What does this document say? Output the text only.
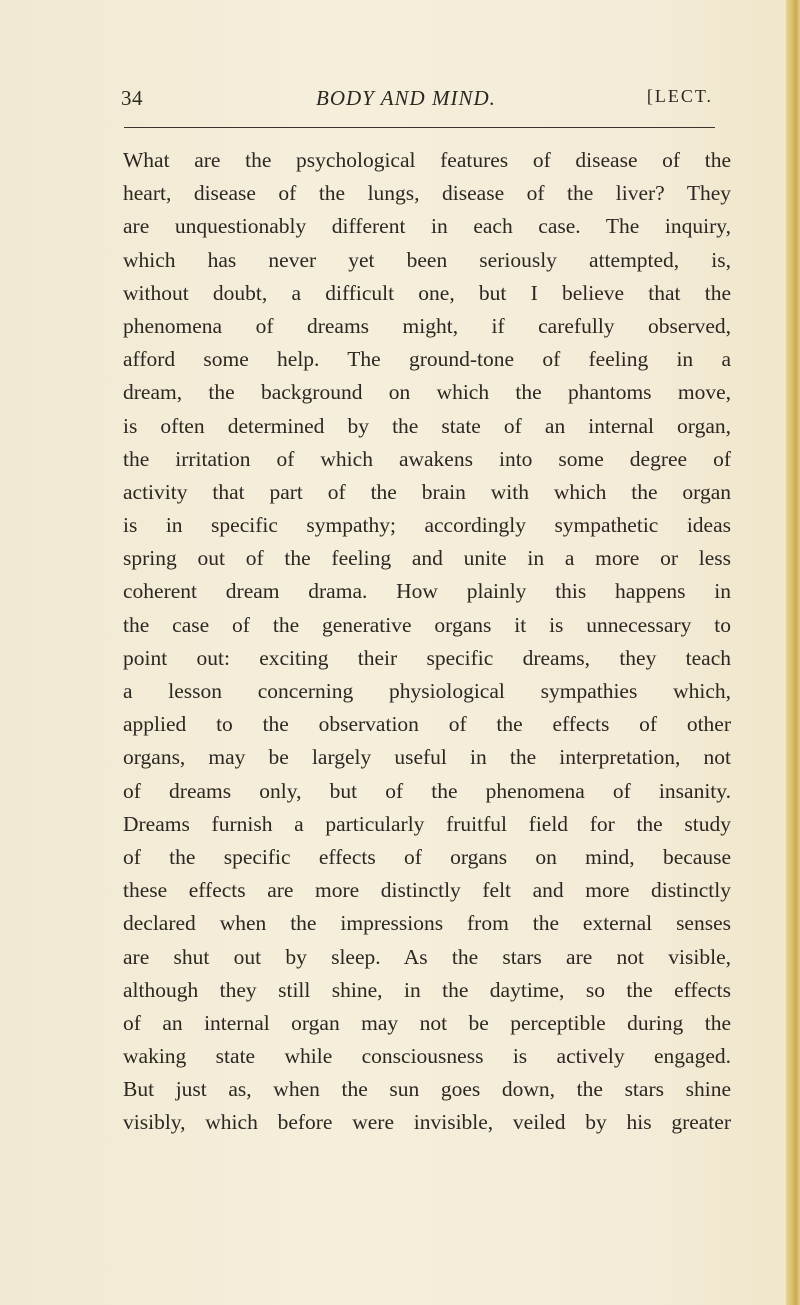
34	BODY AND MIND.	[LECT.
What are the psychological features of disease of the
heart, disease of the lungs, disease of the liver? They
are unquestionably different in each case. The inquiry,
which has never yet been seriously attempted, is,
without doubt, a difficult one, but I believe that the
phenomena of dreams might, if carefully observed,
afford some help. The ground-tone of feeling in a
dream, the background on which the phantoms move,
is often determined by the state of an internal organ,
the irritation of which awakens into some degree of
activity that part of the brain with which the organ
is in specific sympathy; accordingly sympathetic ideas
spring out of the feeling and unite in a more or less
coherent dream drama. How plainly this happens in
the case of the generative organs it is unnecessary to
point out: exciting their specific dreams, they teach
a lesson concerning physiological sympathies which,
applied to the observation of the effects of other
organs, may be largely useful in the interpretation, not
of dreams only, but of the phenomena of insanity.
Dreams furnish a particularly fruitful field for the study
of the specific effects of organs on mind, because
these effects are more distinctly felt and more distinctly
declared when the impressions from the external senses
are shut out by sleep. As the stars are not visible,
although they still shine, in the daytime, so the effects
of an internal organ may not be perceptible during the
waking state while consciousness is actively engaged.
But just as, when the sun goes down, the stars shine
visibly, which before were invisible, veiled by his greater
